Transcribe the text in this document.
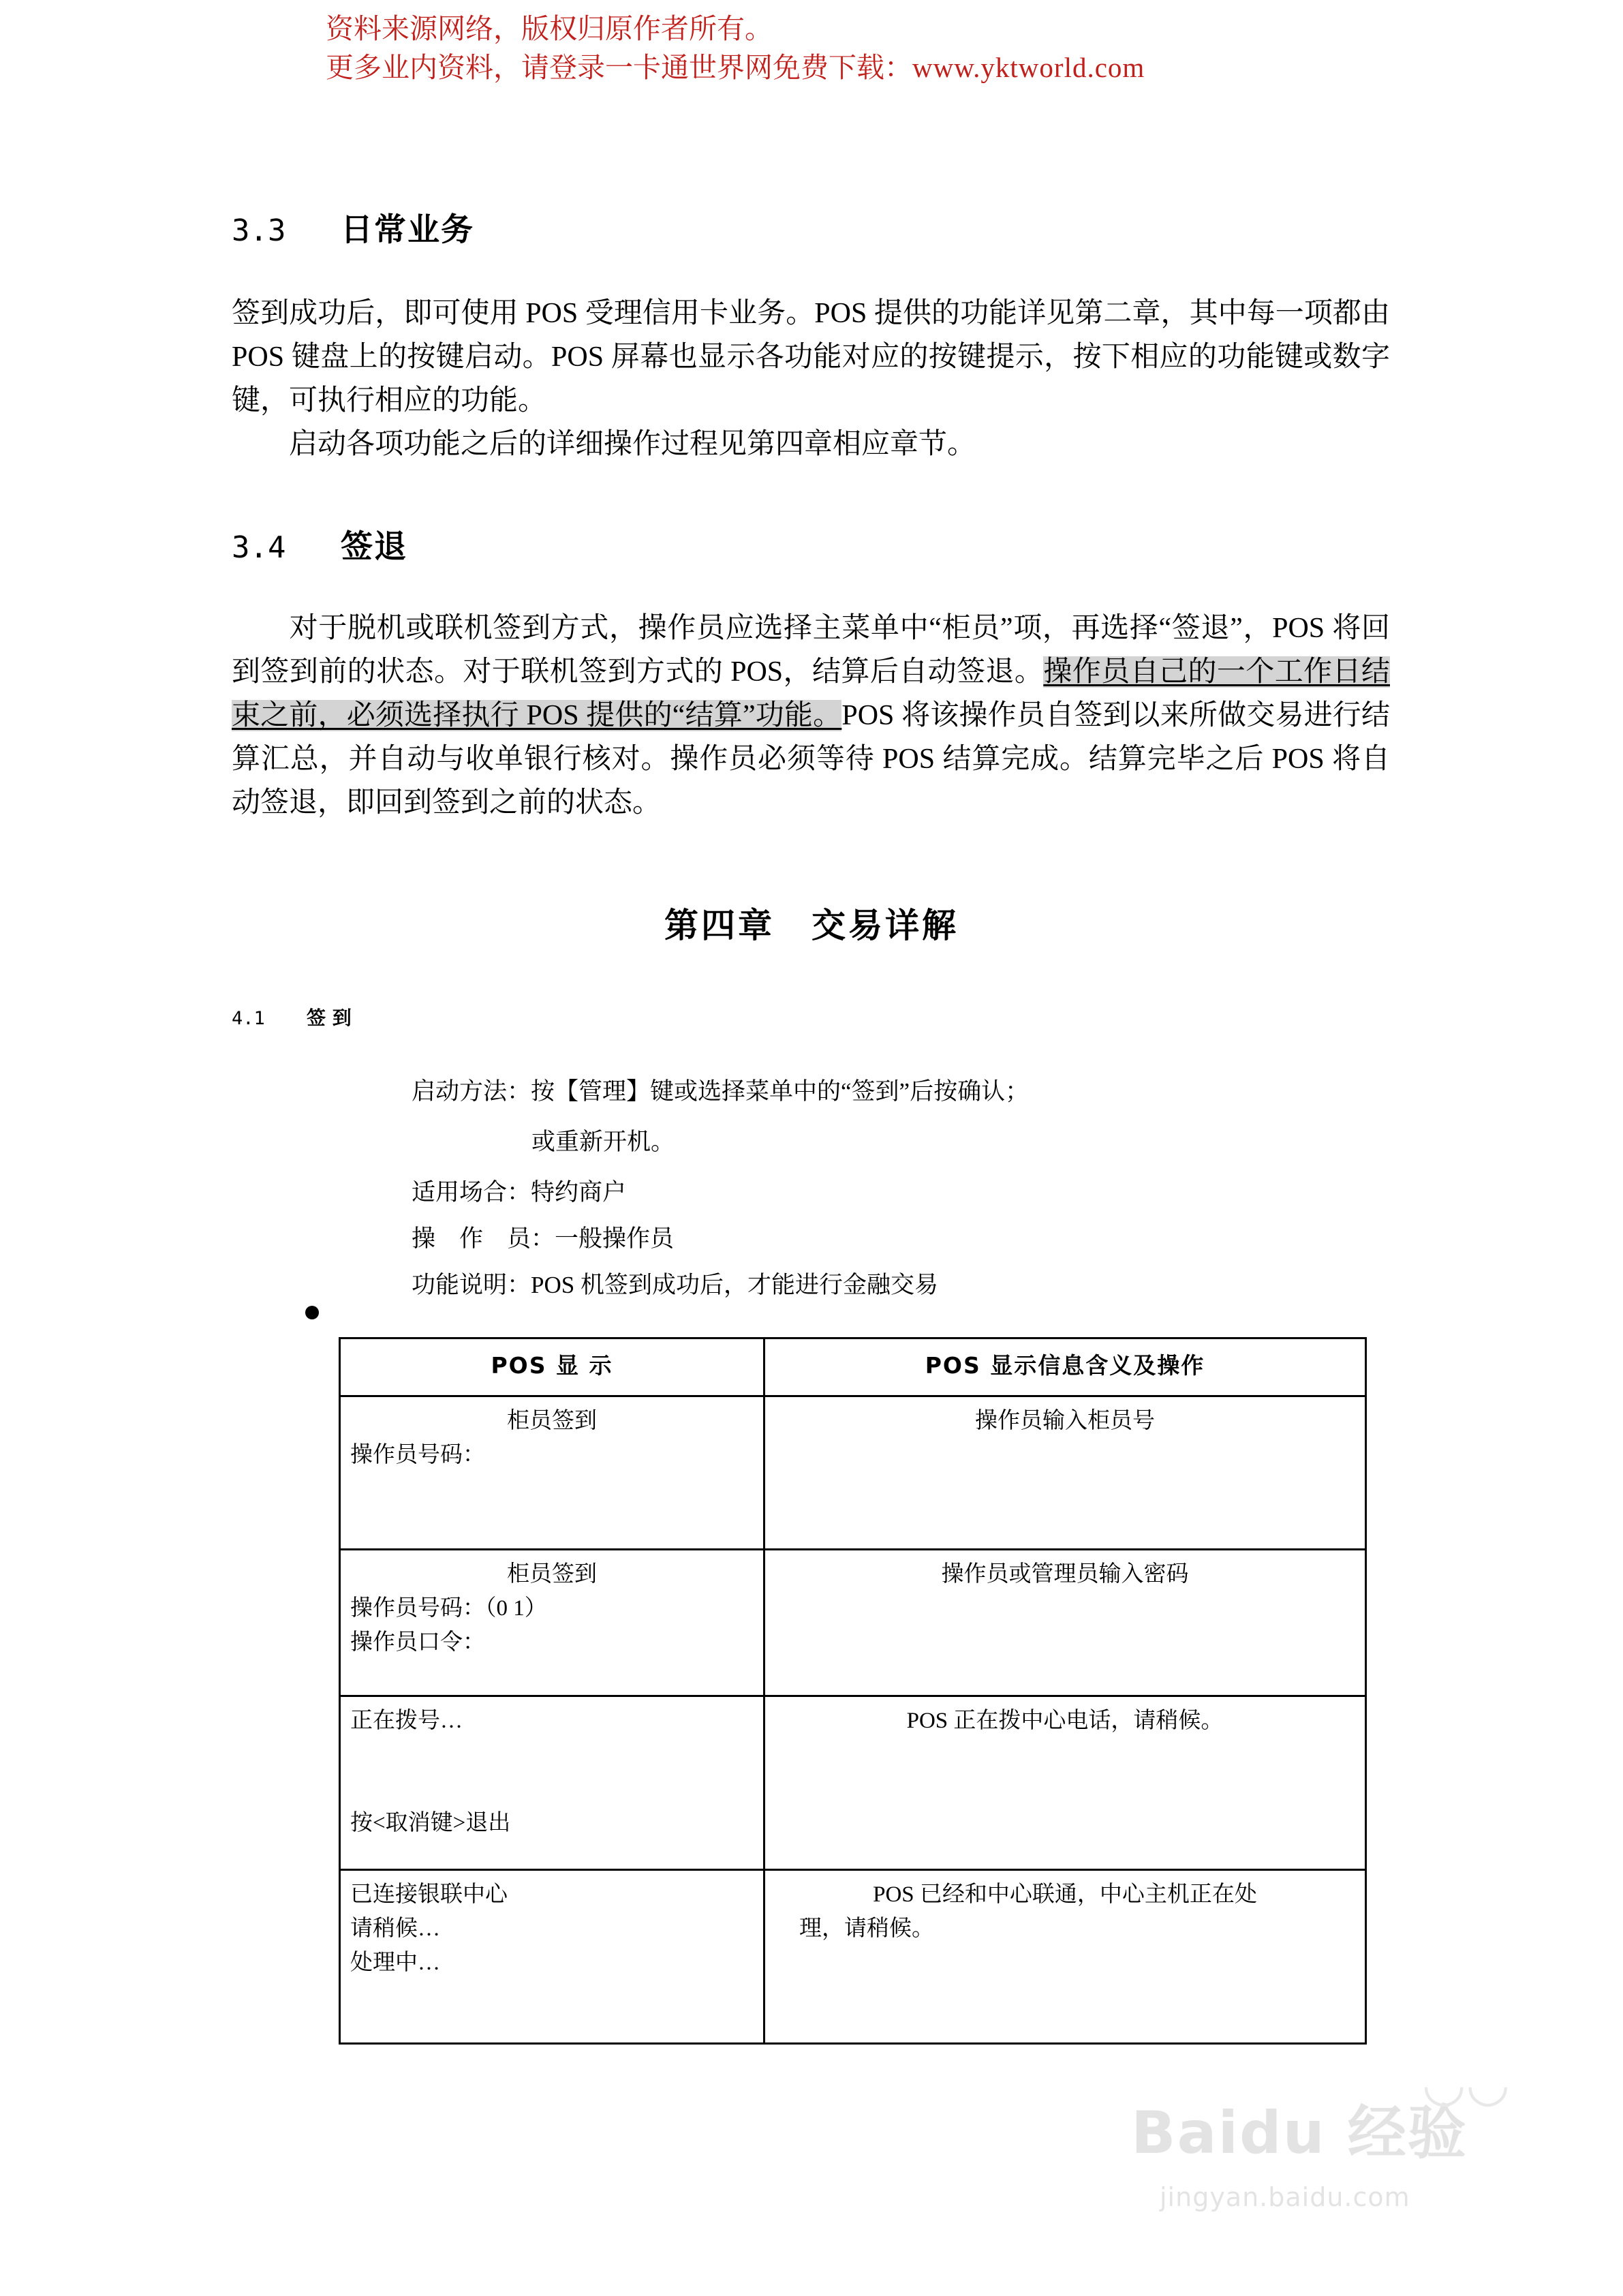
资料来源网络，版权归原作者所有。
更多业内资料，请登录一卡通世界网免费下载：www.yktworld.com
3.3 日常业务
签到成功后，即可使用 POS 受理信用卡业务。POS 提供的功能详见第二章，其中每一项都由 POS 键盘上的按键启动。POS 屏幕也显示各功能对应的按键提示，按下相应的功能键或数字键，可执行相应的功能。
启动各项功能之后的详细操作过程见第四章相应章节。
3.4 签退
对于脱机或联机签到方式，操作员应选择主菜单中“柜员”项，再选择“签退”，POS 将回到签到前的状态。对于联机签到方式的 POS，结算后自动签退。操作员自己的一个工作日结束之前，必须选择执行 POS 提供的“结算”功能。POS 将该操作员自签到以来所做交易进行结算汇总，并自动与收单银行核对。操作员必须等待 POS 结算完成。结算完毕之后 POS 将自动签退，即回到签到之前的状态。
第四章　交易详解
4.1 签 到
启动方法：按【管理】键或选择菜单中的“签到”后按确认；
或重新开机。
适用场合：特约商户
操　作　员：一般操作员
功能说明：POS 机签到成功后，才能进行金融交易
POS 显 示	POS 显示信息含义及操作

柜员签到
操作员号码：	操作员输入柜员号

柜员签到
操作员号码：（0 1）
操作员口令：	操作员或管理员输入密码

正在拨号…

按<取消键>退出	POS 正在拨中心电话，请稍候。

已连接银联中心
请稍候…
处理中…	POS 已经和中心联通，中心主机正在处
理，请稍候。
◡◡
Baidu 经验
jingyan.baidu.com
